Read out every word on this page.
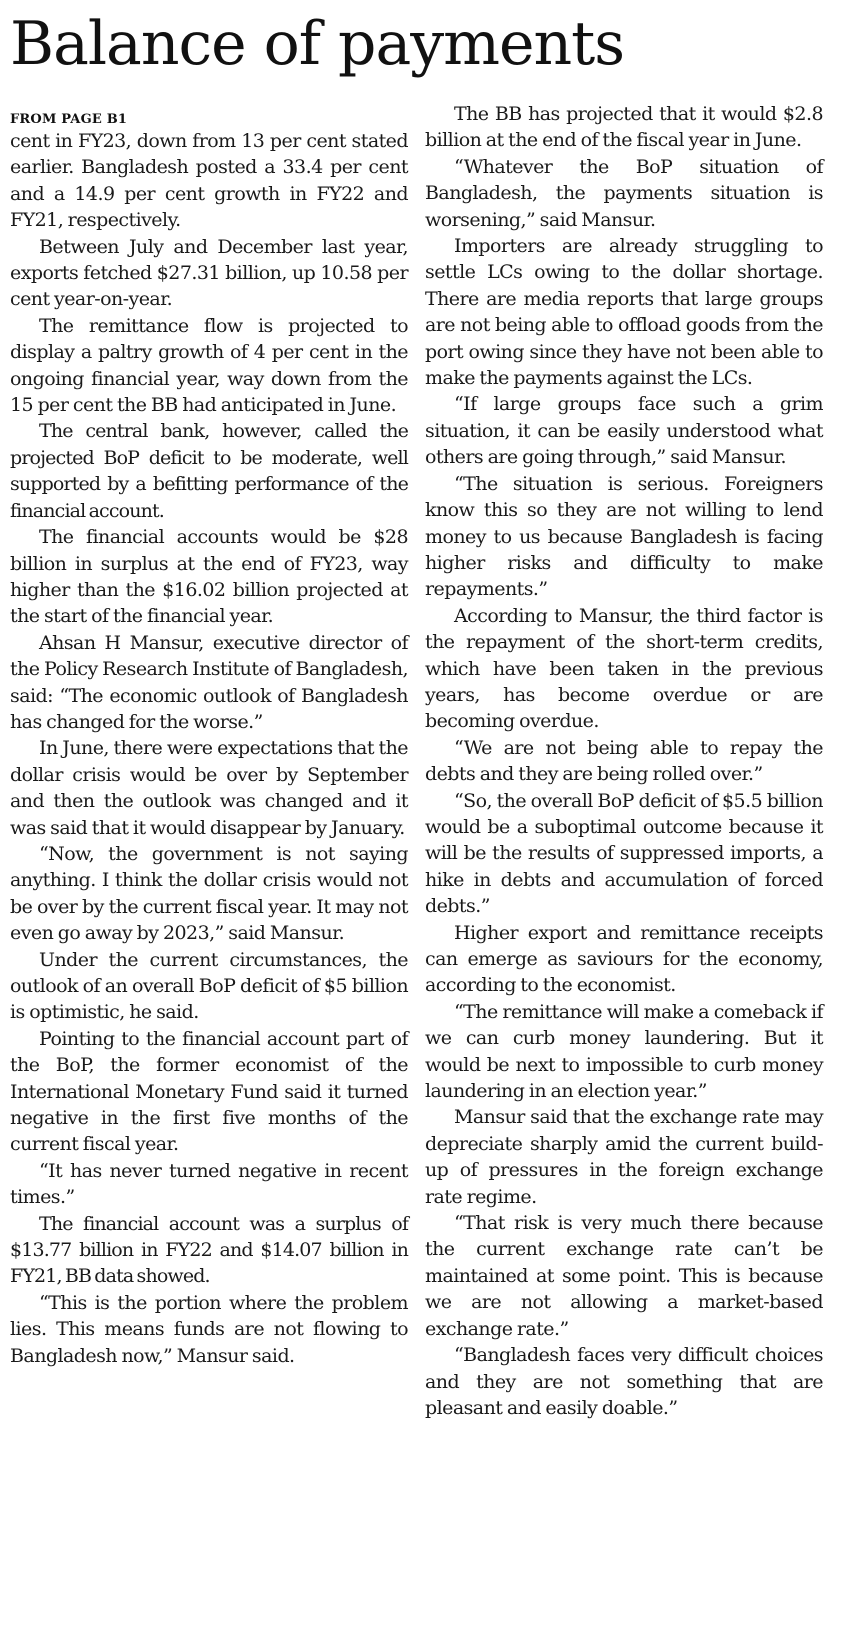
Balance of payments
FROM PAGE B1

cent in FY23, down from 13 per cent stated earlier. Bangladesh posted a 33.4 per cent and a 14.9 per cent growth in FY22 and FY21, respectively.

Between July and December last year, exports fetched $27.31 billion, up 10.58 per cent year-on-year.

The remittance flow is projected to display a paltry growth of 4 per cent in the ongoing financial year, way down from the 15 per cent the BB had anticipated in June.

The central bank, however, called the projected BoP deficit to be moderate, well supported by a befitting performance of the financial account.

The financial accounts would be $28 billion in surplus at the end of FY23, way higher than the $16.02 billion projected at the start of the financial year.

Ahsan H Mansur, executive director of the Policy Research Institute of Bangladesh, said: “The economic outlook of Bangladesh has changed for the worse.”

In June, there were expectations that the dollar crisis would be over by September and then the outlook was changed and it was said that it would disappear by January.

“Now, the government is not saying anything. I think the dollar crisis would not be over by the current fiscal year. It may not even go away by 2023,” said Mansur.

Under the current circumstances, the outlook of an overall BoP deficit of $5 billion is optimistic, he said.

Pointing to the financial account part of the BoP, the former economist of the International Monetary Fund said it turned negative in the first five months of the current fiscal year.

“It has never turned negative in recent times.”

The financial account was a surplus of $13.77 billion in FY22 and $14.07 billion in FY21, BB data showed.

“This is the portion where the problem lies. This means funds are not flowing to Bangladesh now,” Mansur said.

The BB has projected that it would $2.8 billion at the end of the fiscal year in June.

“Whatever the BoP situation of Bangladesh, the payments situation is worsening,” said Mansur.

Importers are already struggling to settle LCs owing to the dollar shortage. There are media reports that large groups are not being able to offload goods from the port owing since they have not been able to make the payments against the LCs.

“If large groups face such a grim situation, it can be easily understood what others are going through,” said Mansur.

“The situation is serious. Foreigners know this so they are not willing to lend money to us because Bangladesh is facing higher risks and difficulty to make repayments.”

According to Mansur, the third factor is the repayment of the short-term credits, which have been taken in the previous years, has become overdue or are becoming overdue.

“We are not being able to repay the debts and they are being rolled over.”

“So, the overall BoP deficit of $5.5 billion would be a suboptimal outcome because it will be the results of suppressed imports, a hike in debts and accumulation of forced debts.”

Higher export and remittance receipts can emerge as saviours for the economy, according to the economist.

“The remittance will make a comeback if we can curb money laundering. But it would be next to impossible to curb money laundering in an election year.”

Mansur said that the exchange rate may depreciate sharply amid the current build-up of pressures in the foreign exchange rate regime.

“That risk is very much there because the current exchange rate can’t be maintained at some point. This is because we are not allowing a market-based exchange rate.”

“Bangladesh faces very difficult choices and they are not something that are pleasant and easily doable.”
